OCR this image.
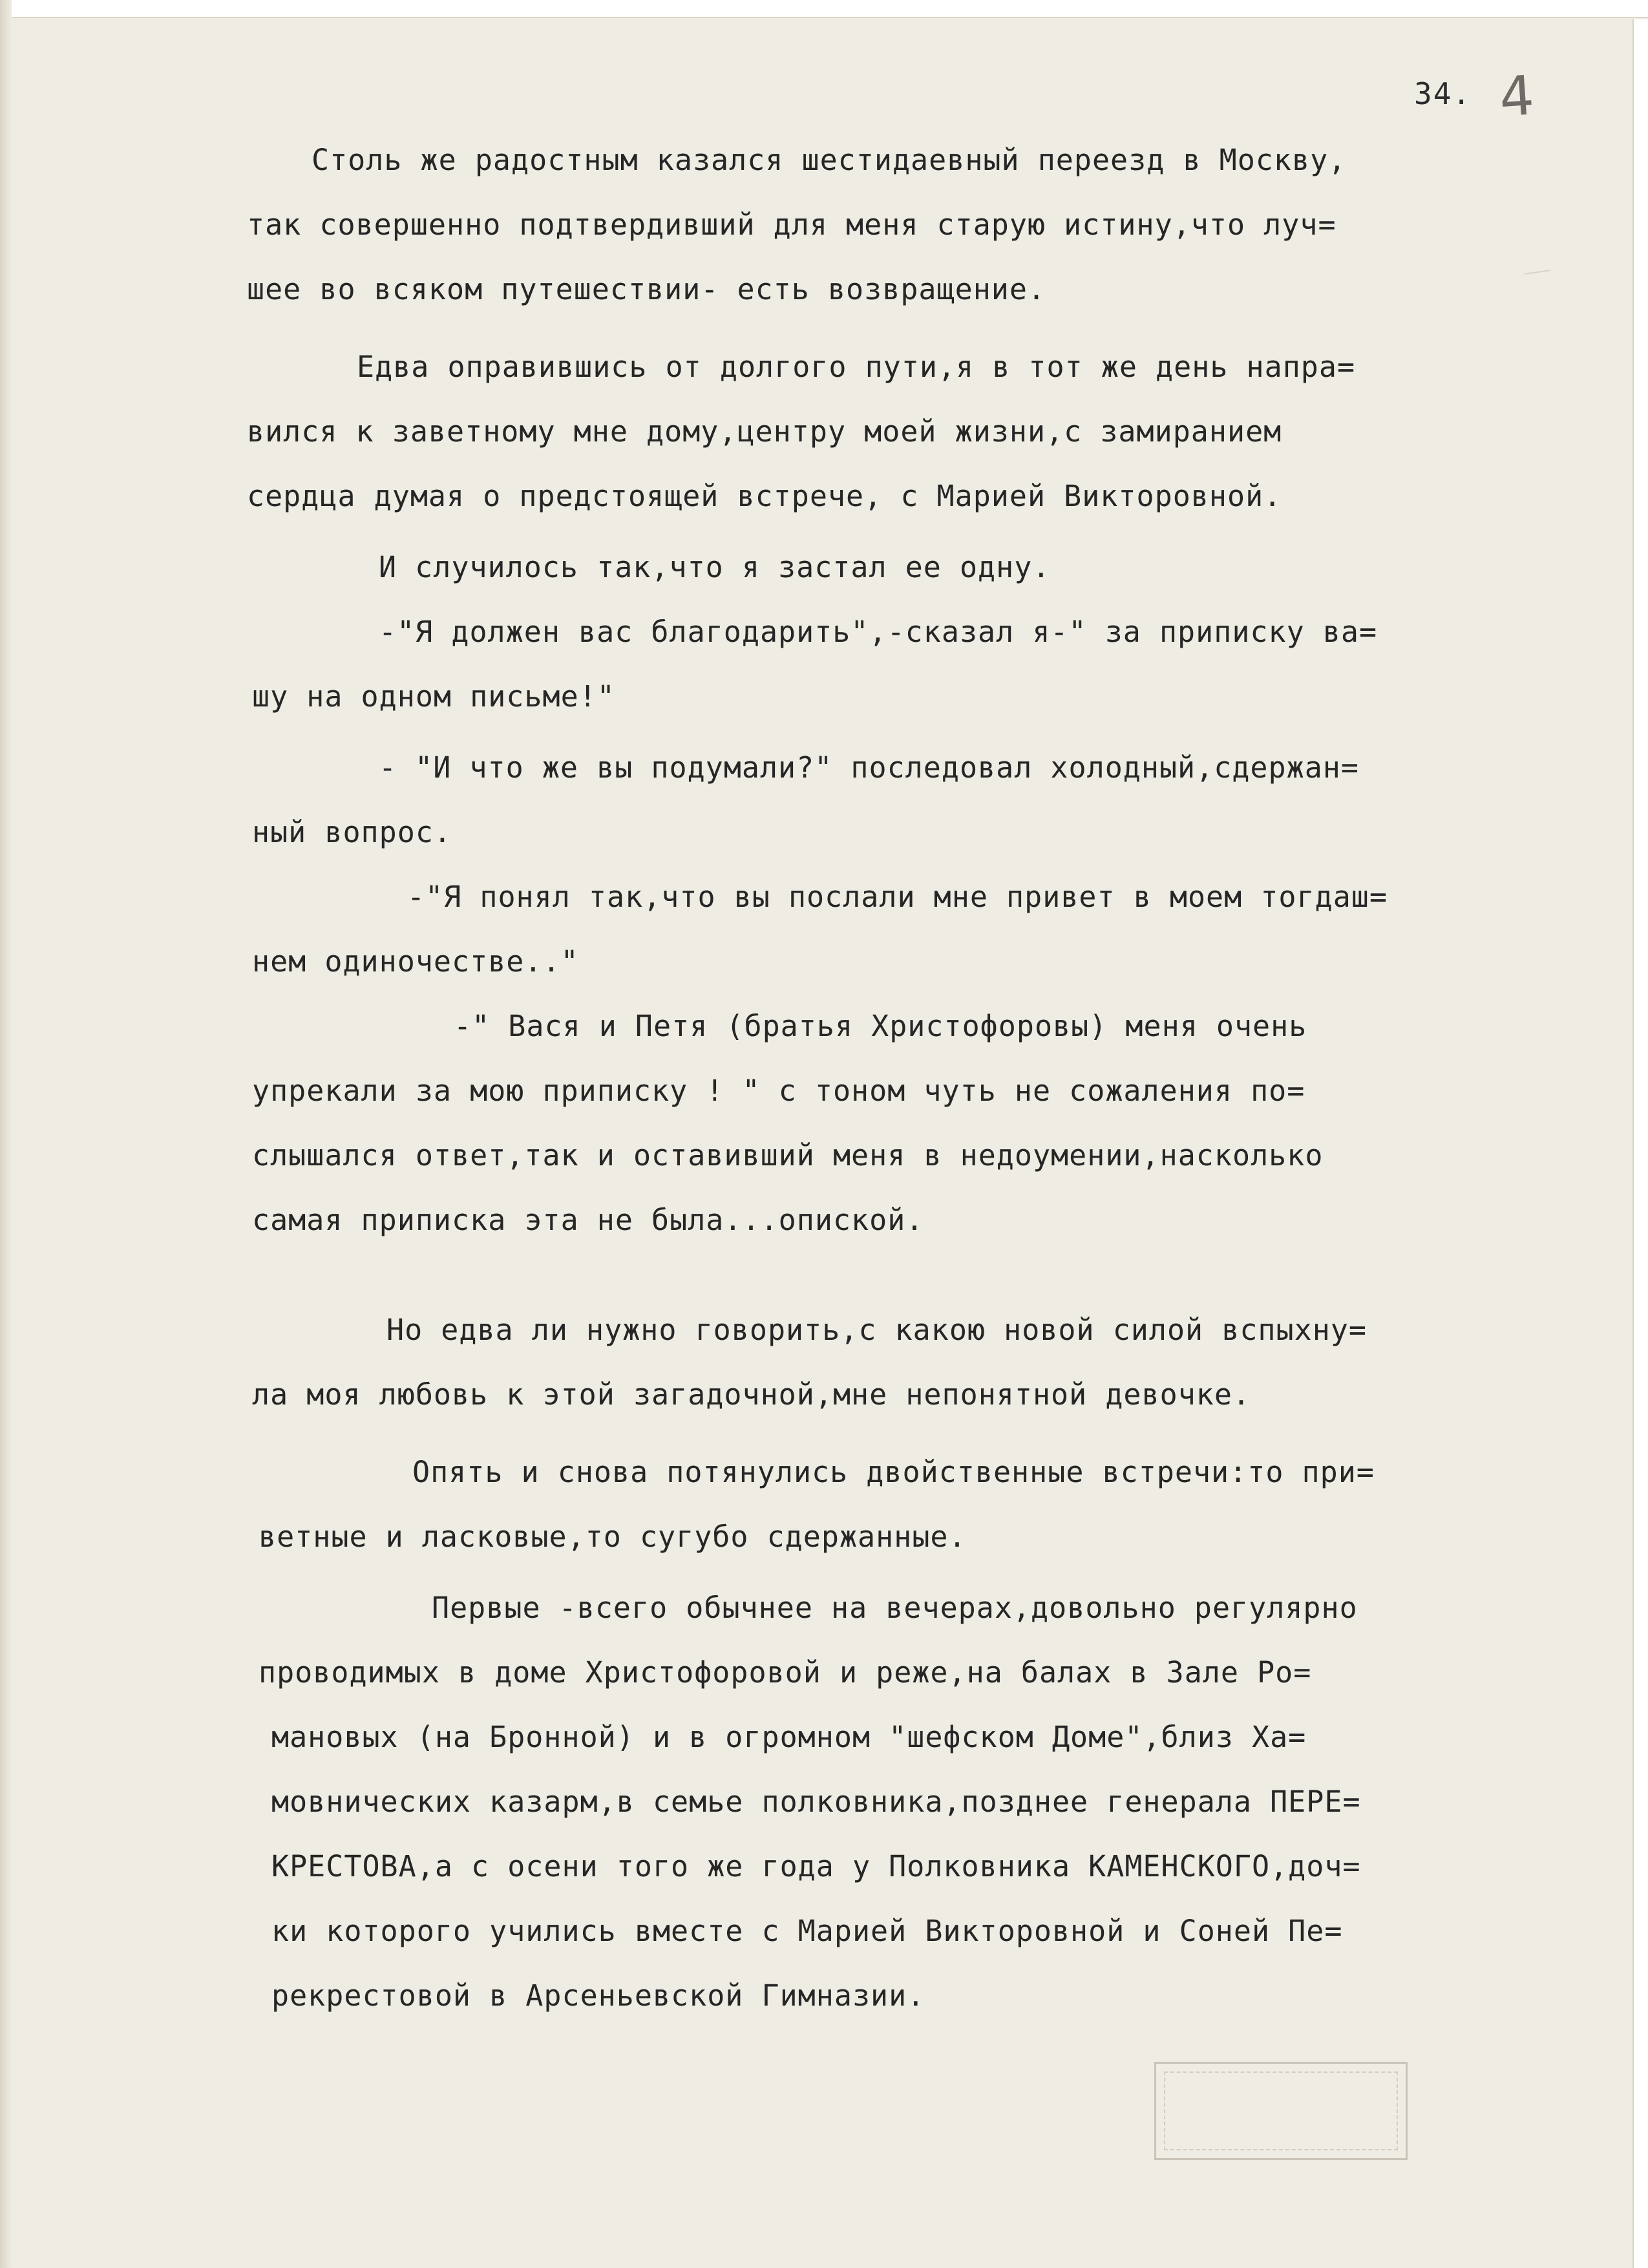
34. 4
Столь же радостным казался шестидаевный переезд в Москву,
так совершенно подтвердивший для меня старую истину,что луч=
шее во всяком путешествии- есть возвращение.
Едва оправившись от долгого пути,я в тот же день напра=
вился к заветному мне дому,центру моей жизни,с замиранием
сердца думая о предстоящей встрече, с Марией Викторовной.
И случилось так,что я застал ее одну.
-"Я должен вас благодарить",-сказал я-" за приписку ва=
шу на одном письме!"
- "И что же вы подумали?" последовал холодный,сдержан=
ный вопрос.
-"Я понял так,что вы послали мне привет в моем тогдаш=
нем одиночестве.."
-" Вася и Петя (братья Христофоровы) меня очень
упрекали за мою приписку ! " с тоном чуть не сожаления по=
слышался ответ,так и оставивший меня в недоумении,насколько
самая приписка эта не была...опиской.
Но едва ли нужно говорить,с какою новой силой вспыхну=
ла моя любовь к этой загадочной,мне непонятной девочке.
Опять и снова потянулись двойственные встречи:то при=
ветные и ласковые,то сугубо сдержанные.
Первые -всего обычнее на вечерах,довольно регулярно
проводимых в доме Христофоровой и реже,на балах в Зале Ро=
мановых (на Бронной) и в огромном "шефском Доме",близ Ха=
мовнических казарм,в семье полковника,позднее генерала ПЕРЕ=
КРЕСТОВА,а с осени того же года у Полковника КАМЕНСКОГО,доч=
ки которого учились вместе с Марией Викторовной и Соней Пе=
рекрестовой в Арсеньевской Гимназии.
